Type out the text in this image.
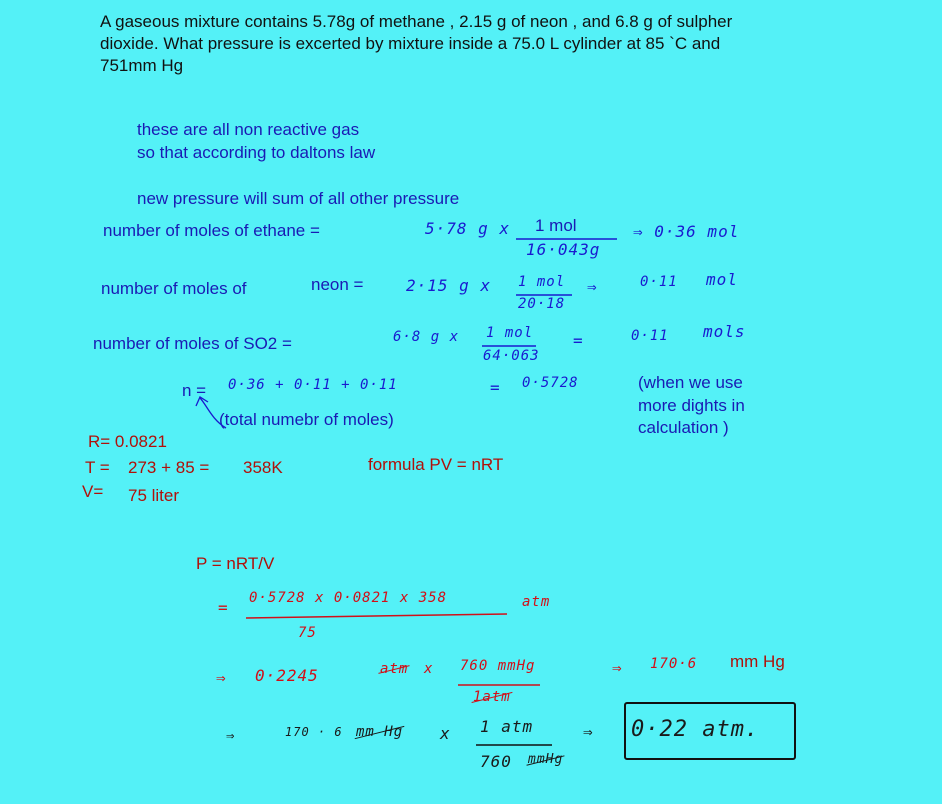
A gaseous mixture contains 5.78g of methane , 2.15 g of neon , and 6.8 g of sulpher
dioxide. What pressure is excerted by mixture inside a 75.0 L cylinder at 85 `C and
751mm Hg
these are all non reactive gas
so that according to daltons law
new pressure will sum of all other pressure
number of moles of ethane =	5·78 g x 1 mol
16·043g
⇒ 0·36 mol
number of moles of	neon =	2·15 g x 1 mol
20·18
⇒	0·11 mol
number of moles of SO2 =	6·8 g x 1 mol
64·063
=	0·11 mols
n = 0·36 + 0·11 + 0·11	= 0·5728	(when we use
more dights in
calculation )
(total numebr of moles)
R= 0.0821
T = 273 + 85 = 358K
V= 75 liter
formula PV = nRT
P = nRT/V
= 0·5728 x 0·0821 x 358
75
atm
⇒ 0·2245	atm x 760 mmHg
1atm
⇒ 170·6 mm Hg
⇒	170 · 6 mm Hg x 1 atm
760 mmHg
⇒ 0·22 atm.
